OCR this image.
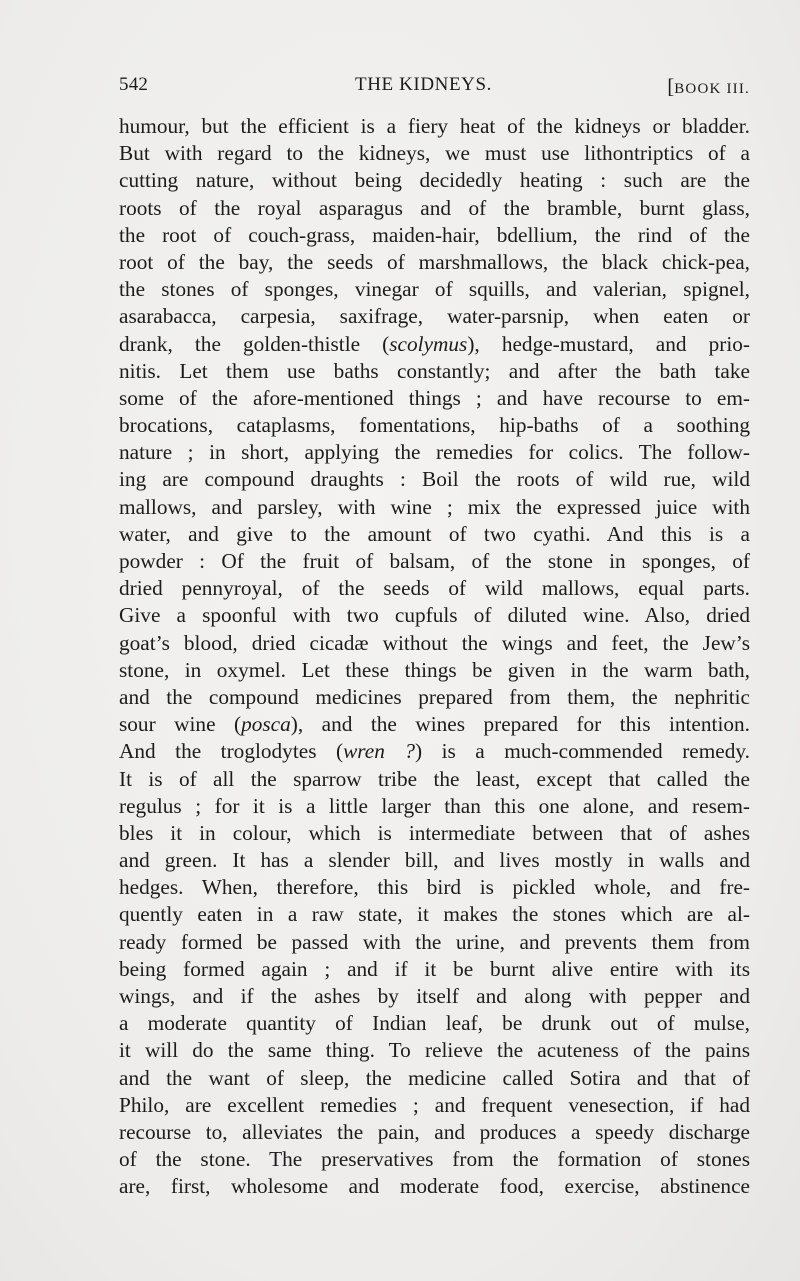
542	THE KIDNEYS.	[BOOK III.
humour, but the efficient is a fiery heat of the kidneys or bladder.
But with regard to the kidneys, we must use lithontriptics of a
cutting nature, without being decidedly heating : such are the
roots of the royal asparagus and of the bramble, burnt glass,
the root of couch-grass, maiden-hair, bdellium, the rind of the
root of the bay, the seeds of marshmallows, the black chick-pea,
the stones of sponges, vinegar of squills, and valerian, spignel,
asarabacca, carpesia, saxifrage, water-parsnip, when eaten or
drank, the golden-thistle (scolymus), hedge-mustard, and prio-
nitis. Let them use baths constantly; and after the bath take
some of the afore-mentioned things ; and have recourse to em-
brocations, cataplasms, fomentations, hip-baths of a soothing
nature ; in short, applying the remedies for colics. The follow-
ing are compound draughts : Boil the roots of wild rue, wild
mallows, and parsley, with wine ; mix the expressed juice with
water, and give to the amount of two cyathi. And this is a
powder : Of the fruit of balsam, of the stone in sponges, of
dried pennyroyal, of the seeds of wild mallows, equal parts.
Give a spoonful with two cupfuls of diluted wine. Also, dried
goat’s blood, dried cicadæ without the wings and feet, the Jew’s
stone, in oxymel. Let these things be given in the warm bath,
and the compound medicines prepared from them, the nephritic
sour wine (posca), and the wines prepared for this intention.
And the troglodytes (wren ?) is a much-commended remedy.
It is of all the sparrow tribe the least, except that called the
regulus ; for it is a little larger than this one alone, and resem-
bles it in colour, which is intermediate between that of ashes
and green. It has a slender bill, and lives mostly in walls and
hedges. When, therefore, this bird is pickled whole, and fre-
quently eaten in a raw state, it makes the stones which are al-
ready formed be passed with the urine, and prevents them from
being formed again ; and if it be burnt alive entire with its
wings, and if the ashes by itself and along with pepper and
a moderate quantity of Indian leaf, be drunk out of mulse,
it will do the same thing. To relieve the acuteness of the pains
and the want of sleep, the medicine called Sotira and that of
Philo, are excellent remedies ; and frequent venesection, if had
recourse to, alleviates the pain, and produces a speedy discharge
of the stone. The preservatives from the formation of stones
are, first, wholesome and moderate food, exercise, abstinence
